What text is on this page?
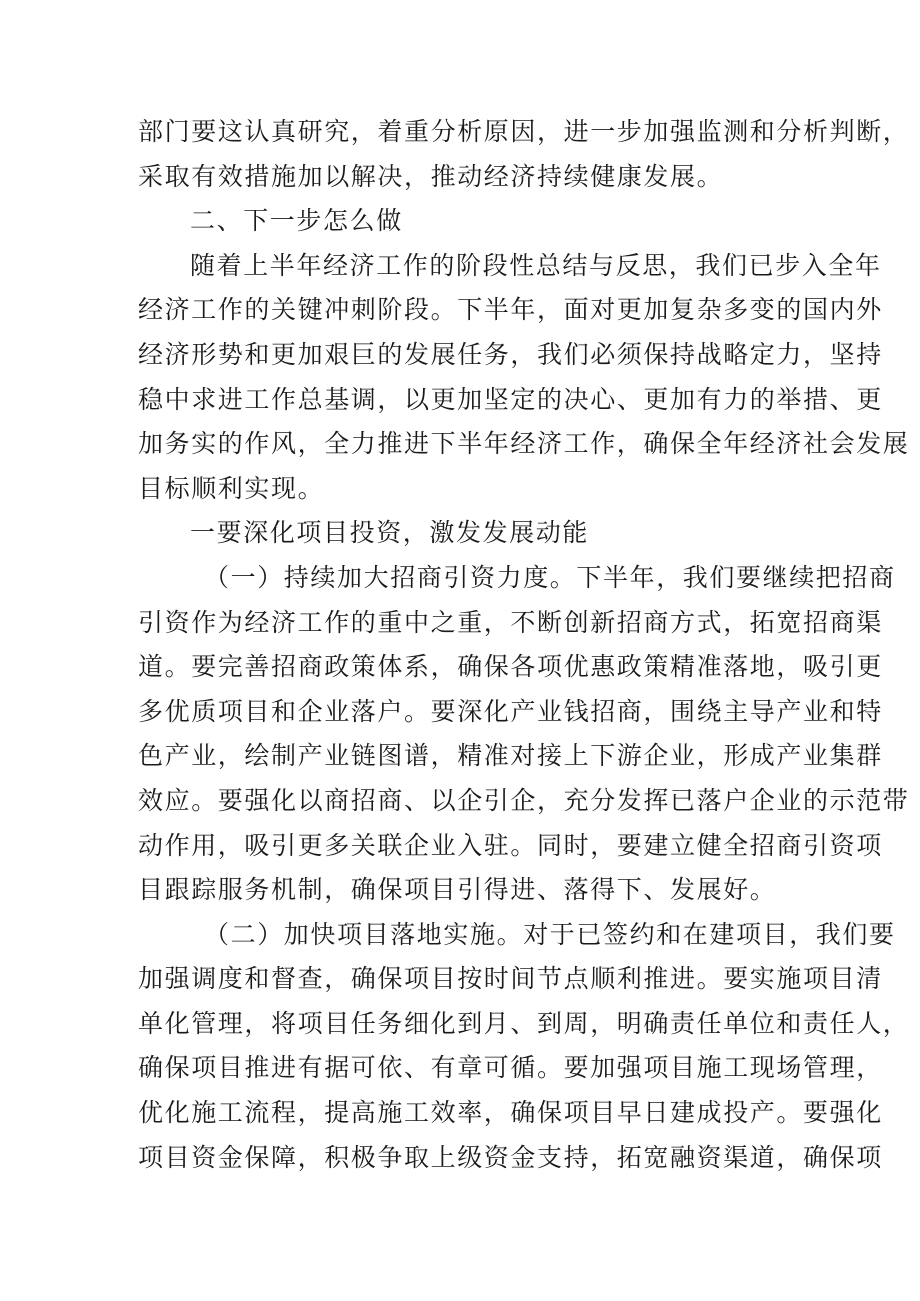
部门要这认真研究，着重分析原因，进一步加强监测和分析判断，
采取有效措施加以解决，推动经济持续健康发展。
二、下一步怎么做
随着上半年经济工作的阶段性总结与反思，我们已步入全年
经济工作的关键冲刺阶段。下半年，面对更加复杂多变的国内外
经济形势和更加艰巨的发展任务，我们必须保持战略定力，坚持
稳中求进工作总基调，以更加坚定的决心、更加有力的举措、更
加务实的作风，全力推进下半年经济工作，确保全年经济社会发展
目标顺利实现。
一要深化项目投资，激发发展动能
（一）持续加大招商引资力度。下半年，我们要继续把招商
引资作为经济工作的重中之重，不断创新招商方式，拓宽招商渠
道。要完善招商政策体系，确保各项优惠政策精准落地，吸引更
多优质项目和企业落户。要深化产业钱招商，围绕主导产业和特
色产业，绘制产业链图谱，精准对接上下游企业，形成产业集群
效应。要强化以商招商、以企引企，充分发挥已落户企业的示范带
动作用，吸引更多关联企业入驻。同时，要建立健全招商引资项
目跟踪服务机制，确保项目引得进、落得下、发展好。
（二）加快项目落地实施。对于已签约和在建项目，我们要
加强调度和督查，确保项目按时间节点顺利推进。要实施项目清
单化管理，将项目任务细化到月、到周，明确责任单位和责任人，
确保项目推进有据可依、有章可循。要加强项目施工现场管理，
优化施工流程，提高施工效率，确保项目早日建成投产。要强化
项目资金保障，积极争取上级资金支持，拓宽融资渠道，确保项
